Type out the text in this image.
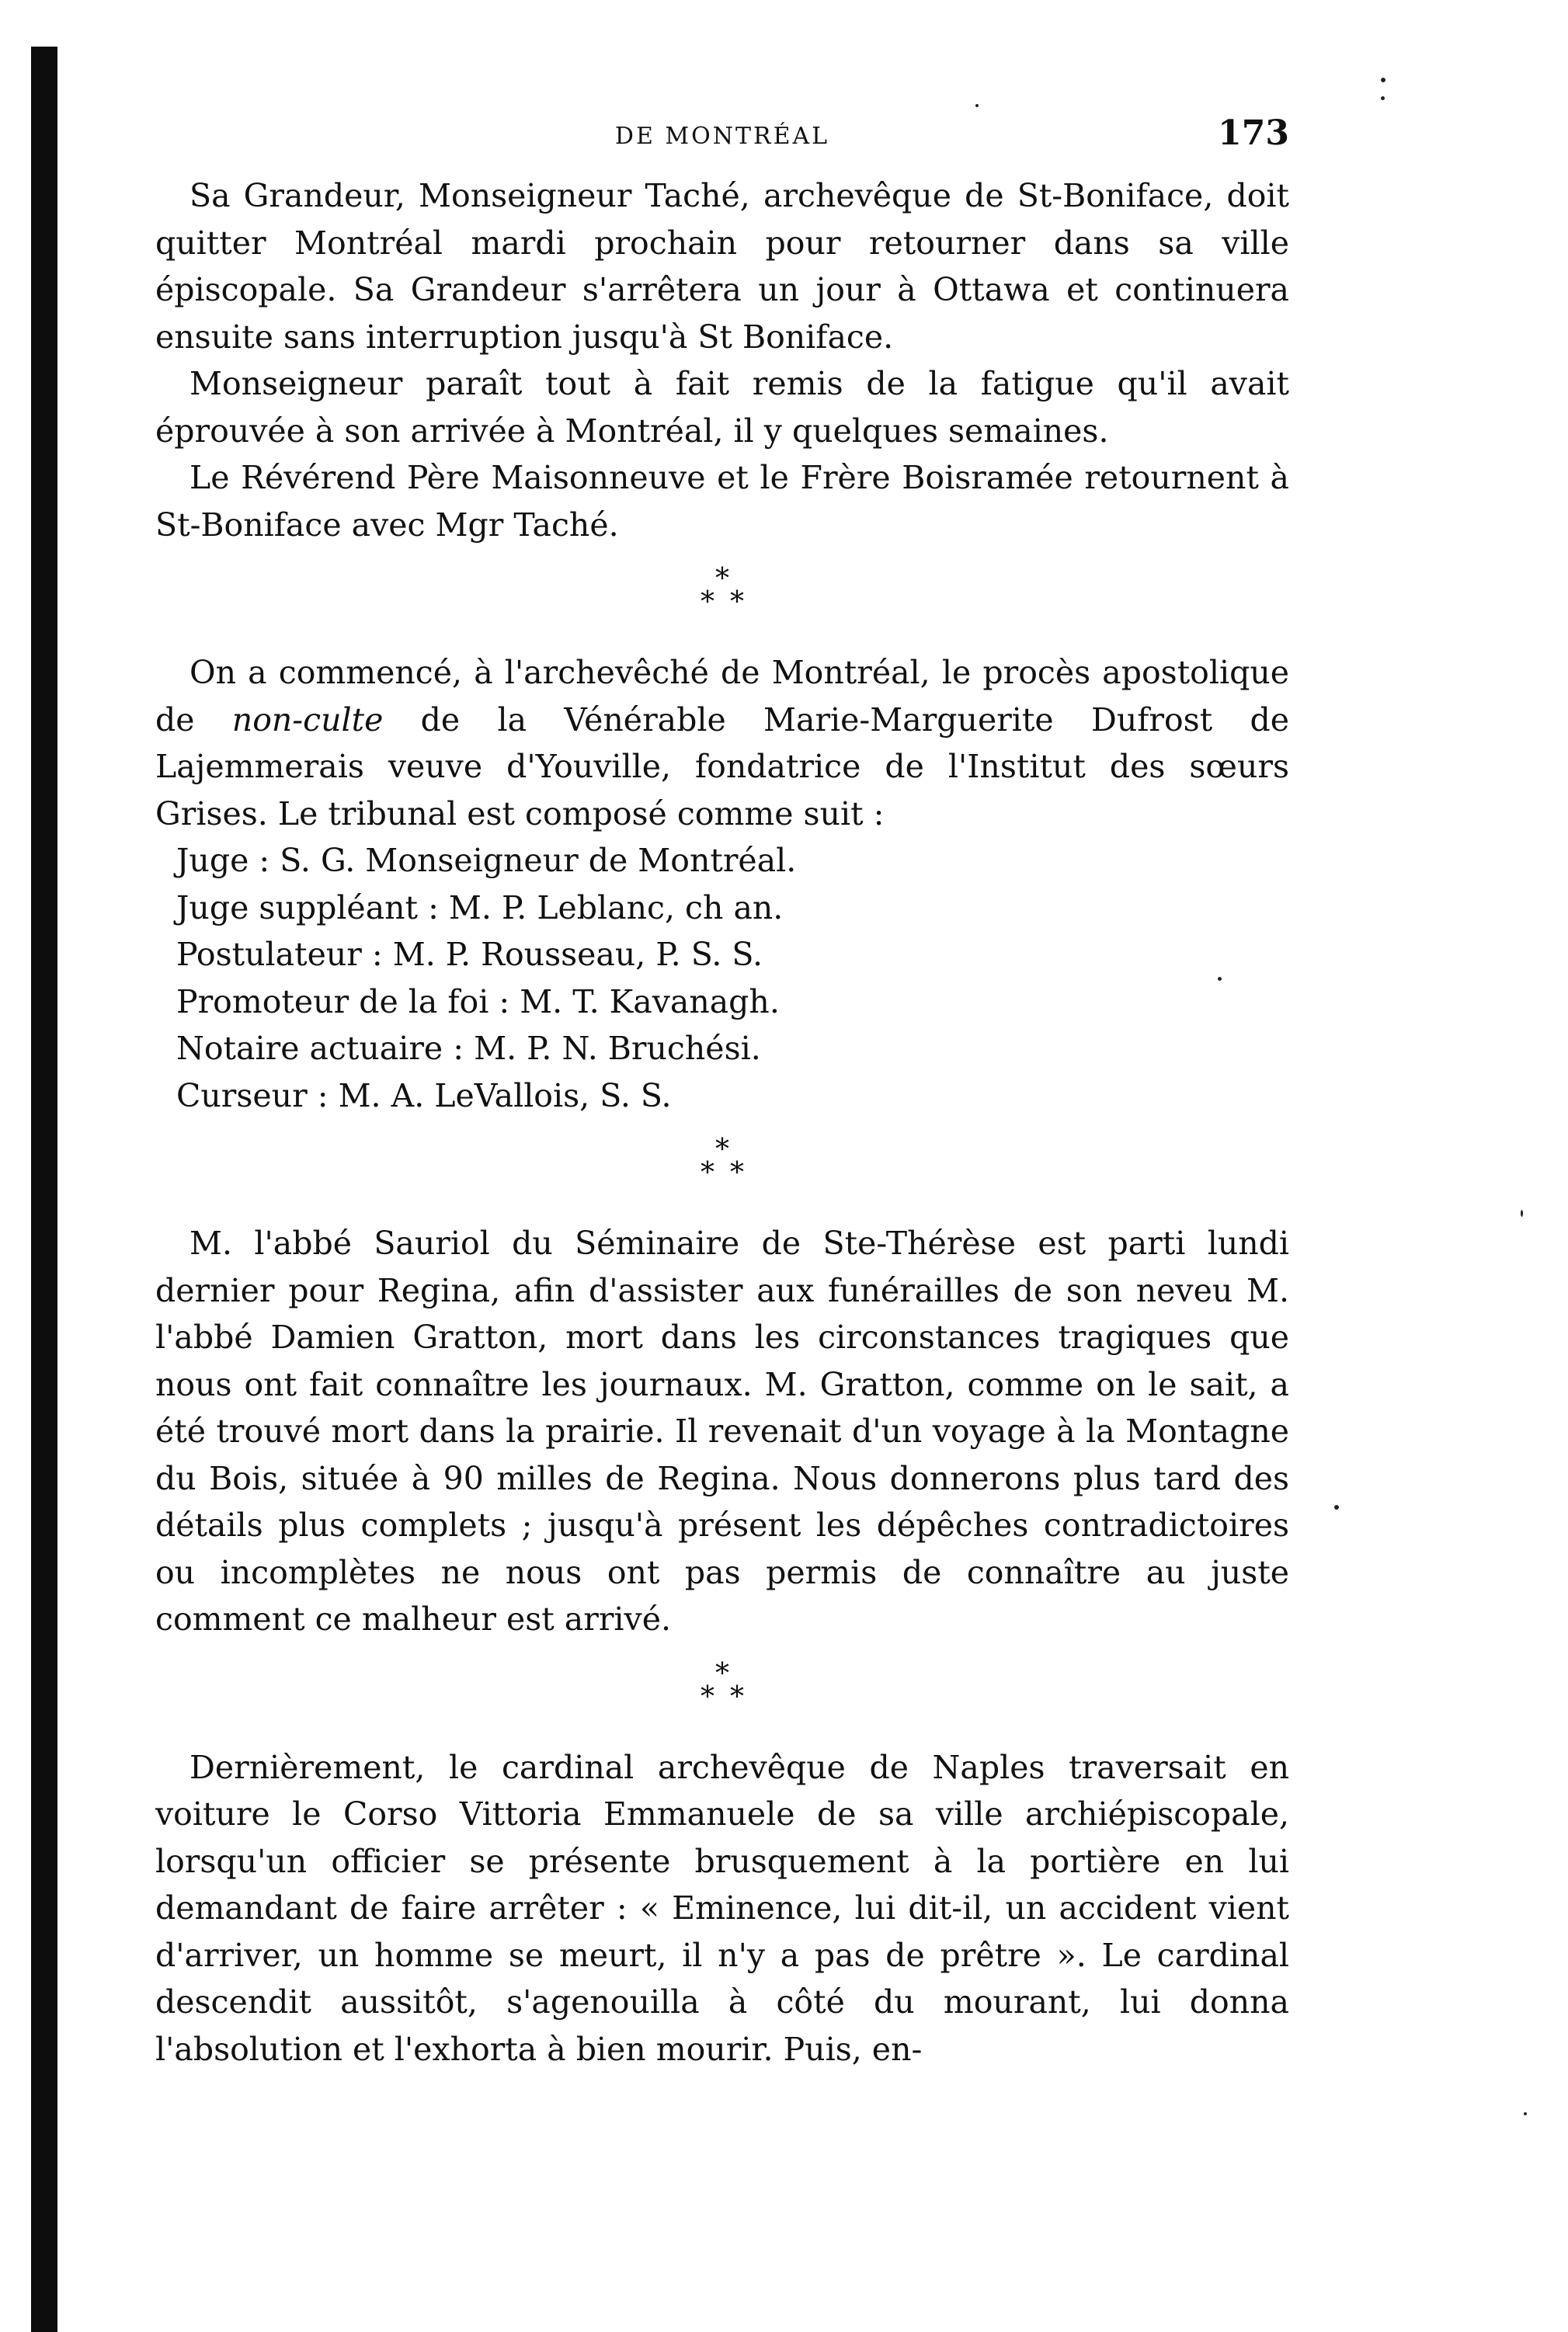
DE MONTRÉAL	173

Sa Grandeur, Monseigneur Taché, archevêque de St-Boniface, doit quitter Montréal mardi prochain pour retourner dans sa ville épiscopale. Sa Grandeur s'arrêtera un jour à Ottawa et continuera ensuite sans interruption jusqu'à St Boniface.

Monseigneur paraît tout à fait remis de la fatigue qu'il avait éprouvée à son arrivée à Montréal, il y quelques semaines.

Le Révérend Père Maisonneuve et le Frère Boisramée retournent à St-Boniface avec Mgr Taché.

*
**

On a commencé, à l'archevêché de Montréal, le procès apostolique de non-culte de la Vénérable Marie-Marguerite Dufrost de Lajemmerais veuve d'Youville, fondatrice de l'Institut des sœurs Grises. Le tribunal est composé comme suit :

Juge : S. G. Monseigneur de Montréal.
Juge suppléant : M. P. Leblanc, ch an.
Postulateur : M. P. Rousseau, P. S. S.
Promoteur de la foi : M. T. Kavanagh.
Notaire actuaire : M. P. N. Bruchési.
Curseur : M. A. LeVallois, S. S.
*
**

M. l'abbé Sauriol du Séminaire de Ste-Thérèse est parti lundi dernier pour Regina, afin d'assister aux funérailles de son neveu M. l'abbé Damien Gratton, mort dans les circonstances tragiques que nous ont fait connaître les journaux. M. Gratton, comme on le sait, a été trouvé mort dans la prairie. Il revenait d'un voyage à la Montagne du Bois, située à 90 milles de Regina. Nous donnerons plus tard des détails plus complets ; jusqu'à présent les dépêches contradictoires ou incomplètes ne nous ont pas permis de connaître au juste comment ce malheur est arrivé.

*
**

Dernièrement, le cardinal archevêque de Naples traversait en voiture le Corso Vittoria Emmanuele de sa ville archiépiscopale, lorsqu'un officier se présente brusquement à la portière en lui demandant de faire arrêter : « Eminence, lui dit-il, un accident vient d'arriver, un homme se meurt, il n'y a pas de prêtre ». Le cardinal descendit aussitôt, s'agenouilla à côté du mourant, lui donna l'absolution et l'exhorta à bien mourir. Puis, en-
